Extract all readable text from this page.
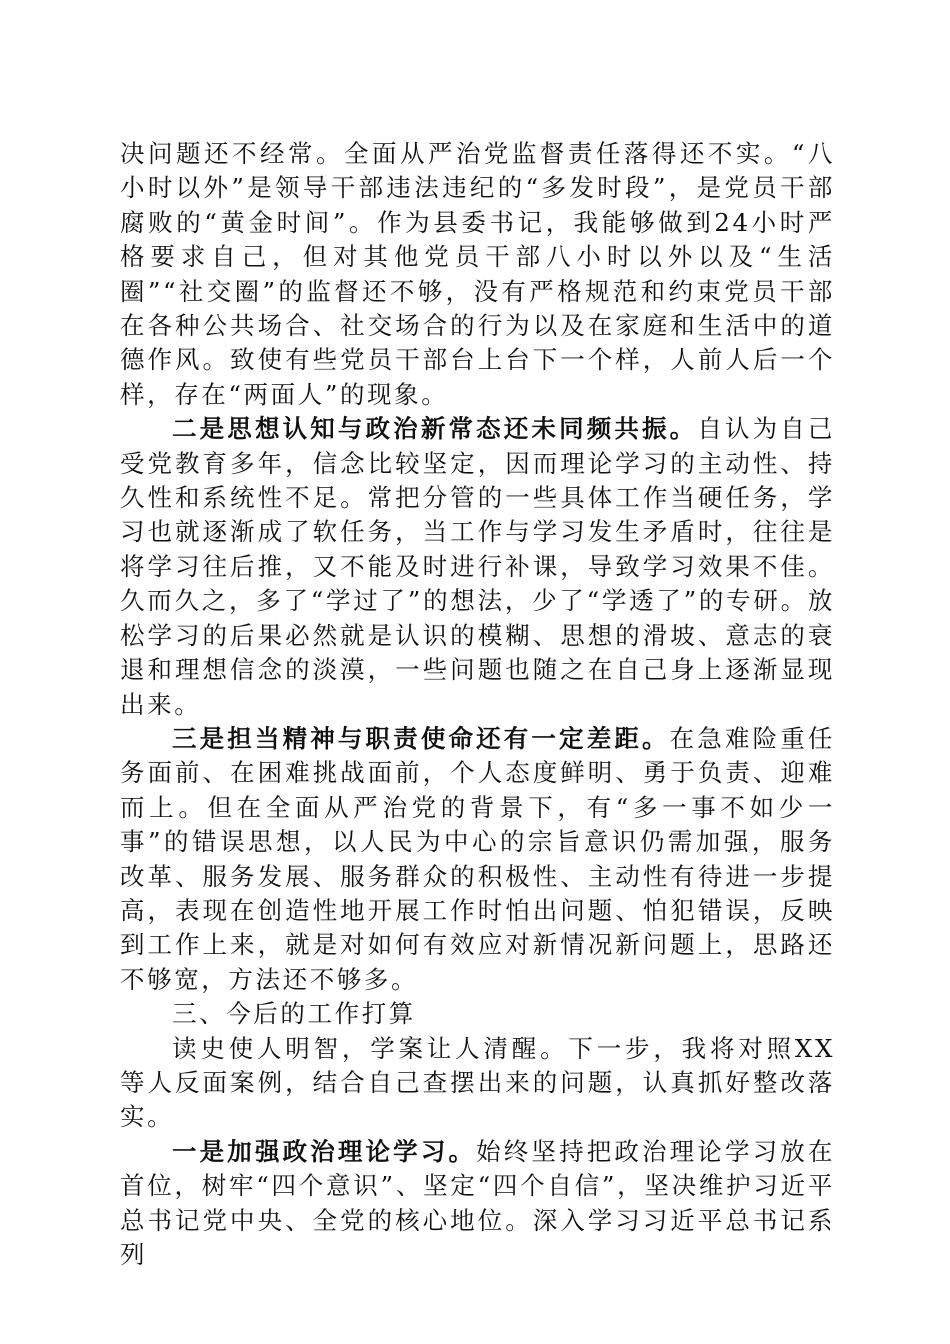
决问题还不经常。全面从严治党监督责任落得还不实。“八小时以外”是领导干部违法违纪的“多发时段”，是党员干部腐败的“黄金时间”。作为县委书记，我能够做到24小时严格要求自己，但对其他党员干部八小时以外以及“生活圈”“社交圈”的监督还不够，没有严格规范和约束党员干部在各种公共场合、社交场合的行为以及在家庭和生活中的道德作风。致使有些党员干部台上台下一个样，人前人后一个样，存在“两面人”的现象。

二是思想认知与政治新常态还未同频共振。自认为自己受党教育多年，信念比较坚定，因而理论学习的主动性、持久性和系统性不足。常把分管的一些具体工作当硬任务，学习也就逐渐成了软任务，当工作与学习发生矛盾时，往往是将学习往后推，又不能及时进行补课，导致学习效果不佳。久而久之，多了“学过了”的想法，少了“学透了”的专研。放松学习的后果必然就是认识的模糊、思想的滑坡、意志的衰退和理想信念的淡漠，一些问题也随之在自己身上逐渐显现出来。

三是担当精神与职责使命还有一定差距。在急难险重任务面前、在困难挑战面前，个人态度鲜明、勇于负责、迎难而上。但在全面从严治党的背景下，有“多一事不如少一事”的错误思想，以人民为中心的宗旨意识仍需加强，服务改革、服务发展、服务群众的积极性、主动性有待进一步提高，表现在创造性地开展工作时怕出问题、怕犯错误，反映到工作上来，就是对如何有效应对新情况新问题上，思路还不够宽，方法还不够多。

三、今后的工作打算

读史使人明智，学案让人清醒。下一步，我将对照XX等人反面案例，结合自己查摆出来的问题，认真抓好整改落实。

一是加强政治理论学习。始终坚持把政治理论学习放在首位，树牢“四个意识”、坚定“四个自信”，坚决维护习近平总书记党中央、全党的核心地位。深入学习习近平总书记系列
